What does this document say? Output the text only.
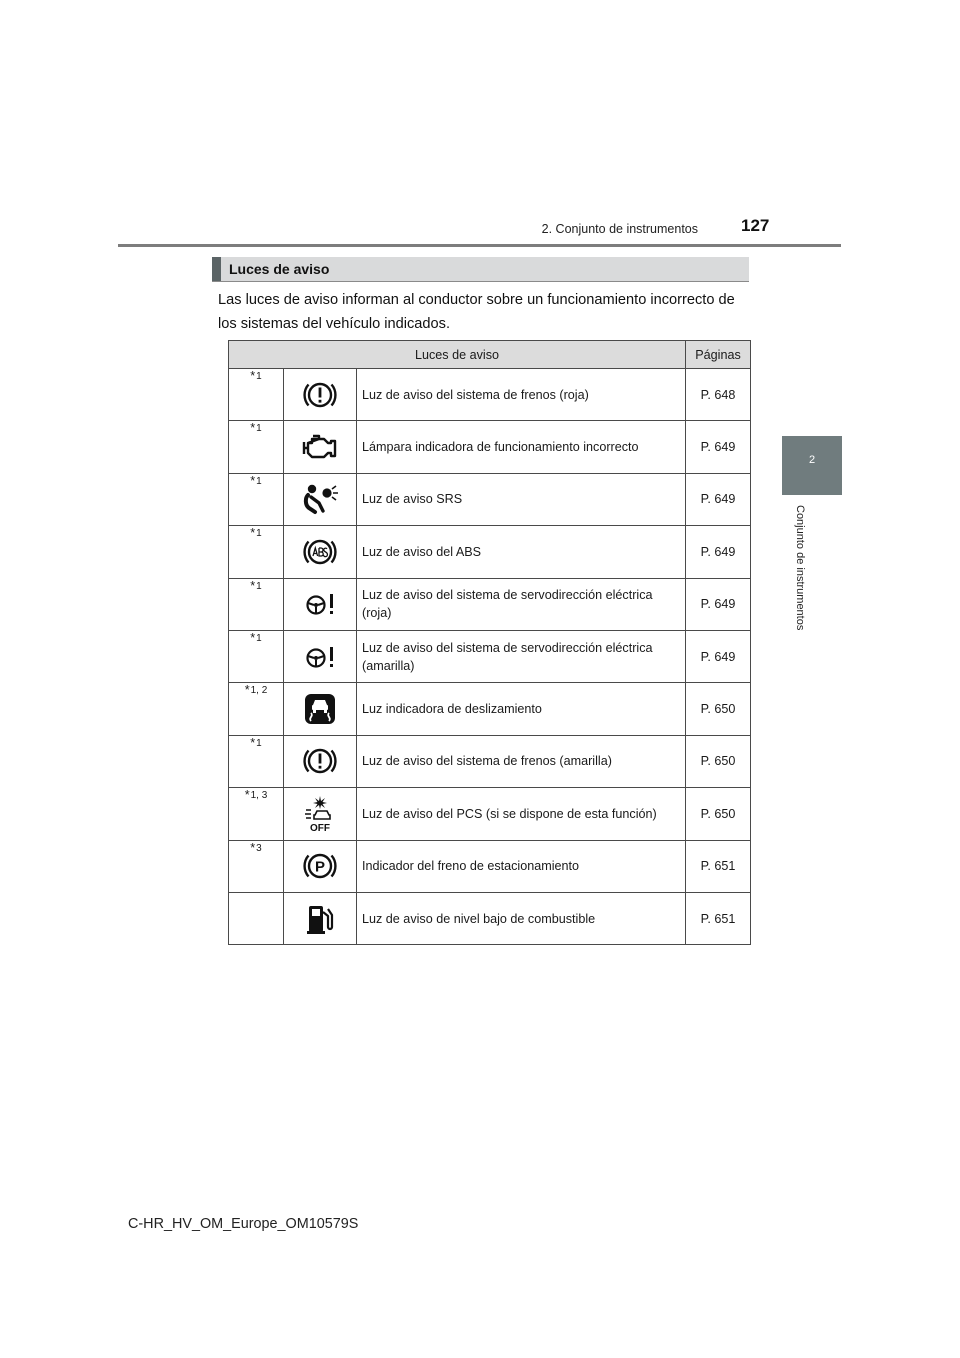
2. Conjunto de instrumentos	127
2
Conjunto de instrumentos
Luces de aviso

Las luces de aviso informan al conductor sobre un funcionamiento incorrecto de los sistemas del vehículo indicados.

Luces de aviso			Páginas
*$^1$		Luz de aviso del sistema de frenos (roja)	P. 648
*$^1$		Lámpara indicadora de funcionamiento incorrecto	P. 649
*$^1$		Luz de aviso SRS	P. 649
*$^1$		Luz de aviso del ABS	P. 649
*$^1$		Luz de aviso del sistema de servodirección eléctrica (roja)	P. 649
*$^1$		Luz de aviso del sistema de servodirección eléctrica (amarilla)	P. 649
*$^{1, 2}$		Luz indicadora de deslizamiento	P. 650
*$^1$		Luz de aviso del sistema de frenos (amarilla)	P. 650
*$^{1, 3}$	OFF	Luz de aviso del PCS (si se dispone de esta función)	P. 650
*$^3$	P	Indicador del freno de estacionamiento	P. 651
		Luz de aviso de nivel bajo de combustible	P. 651
C-HR_HV_OM_Europe_OM10579S
